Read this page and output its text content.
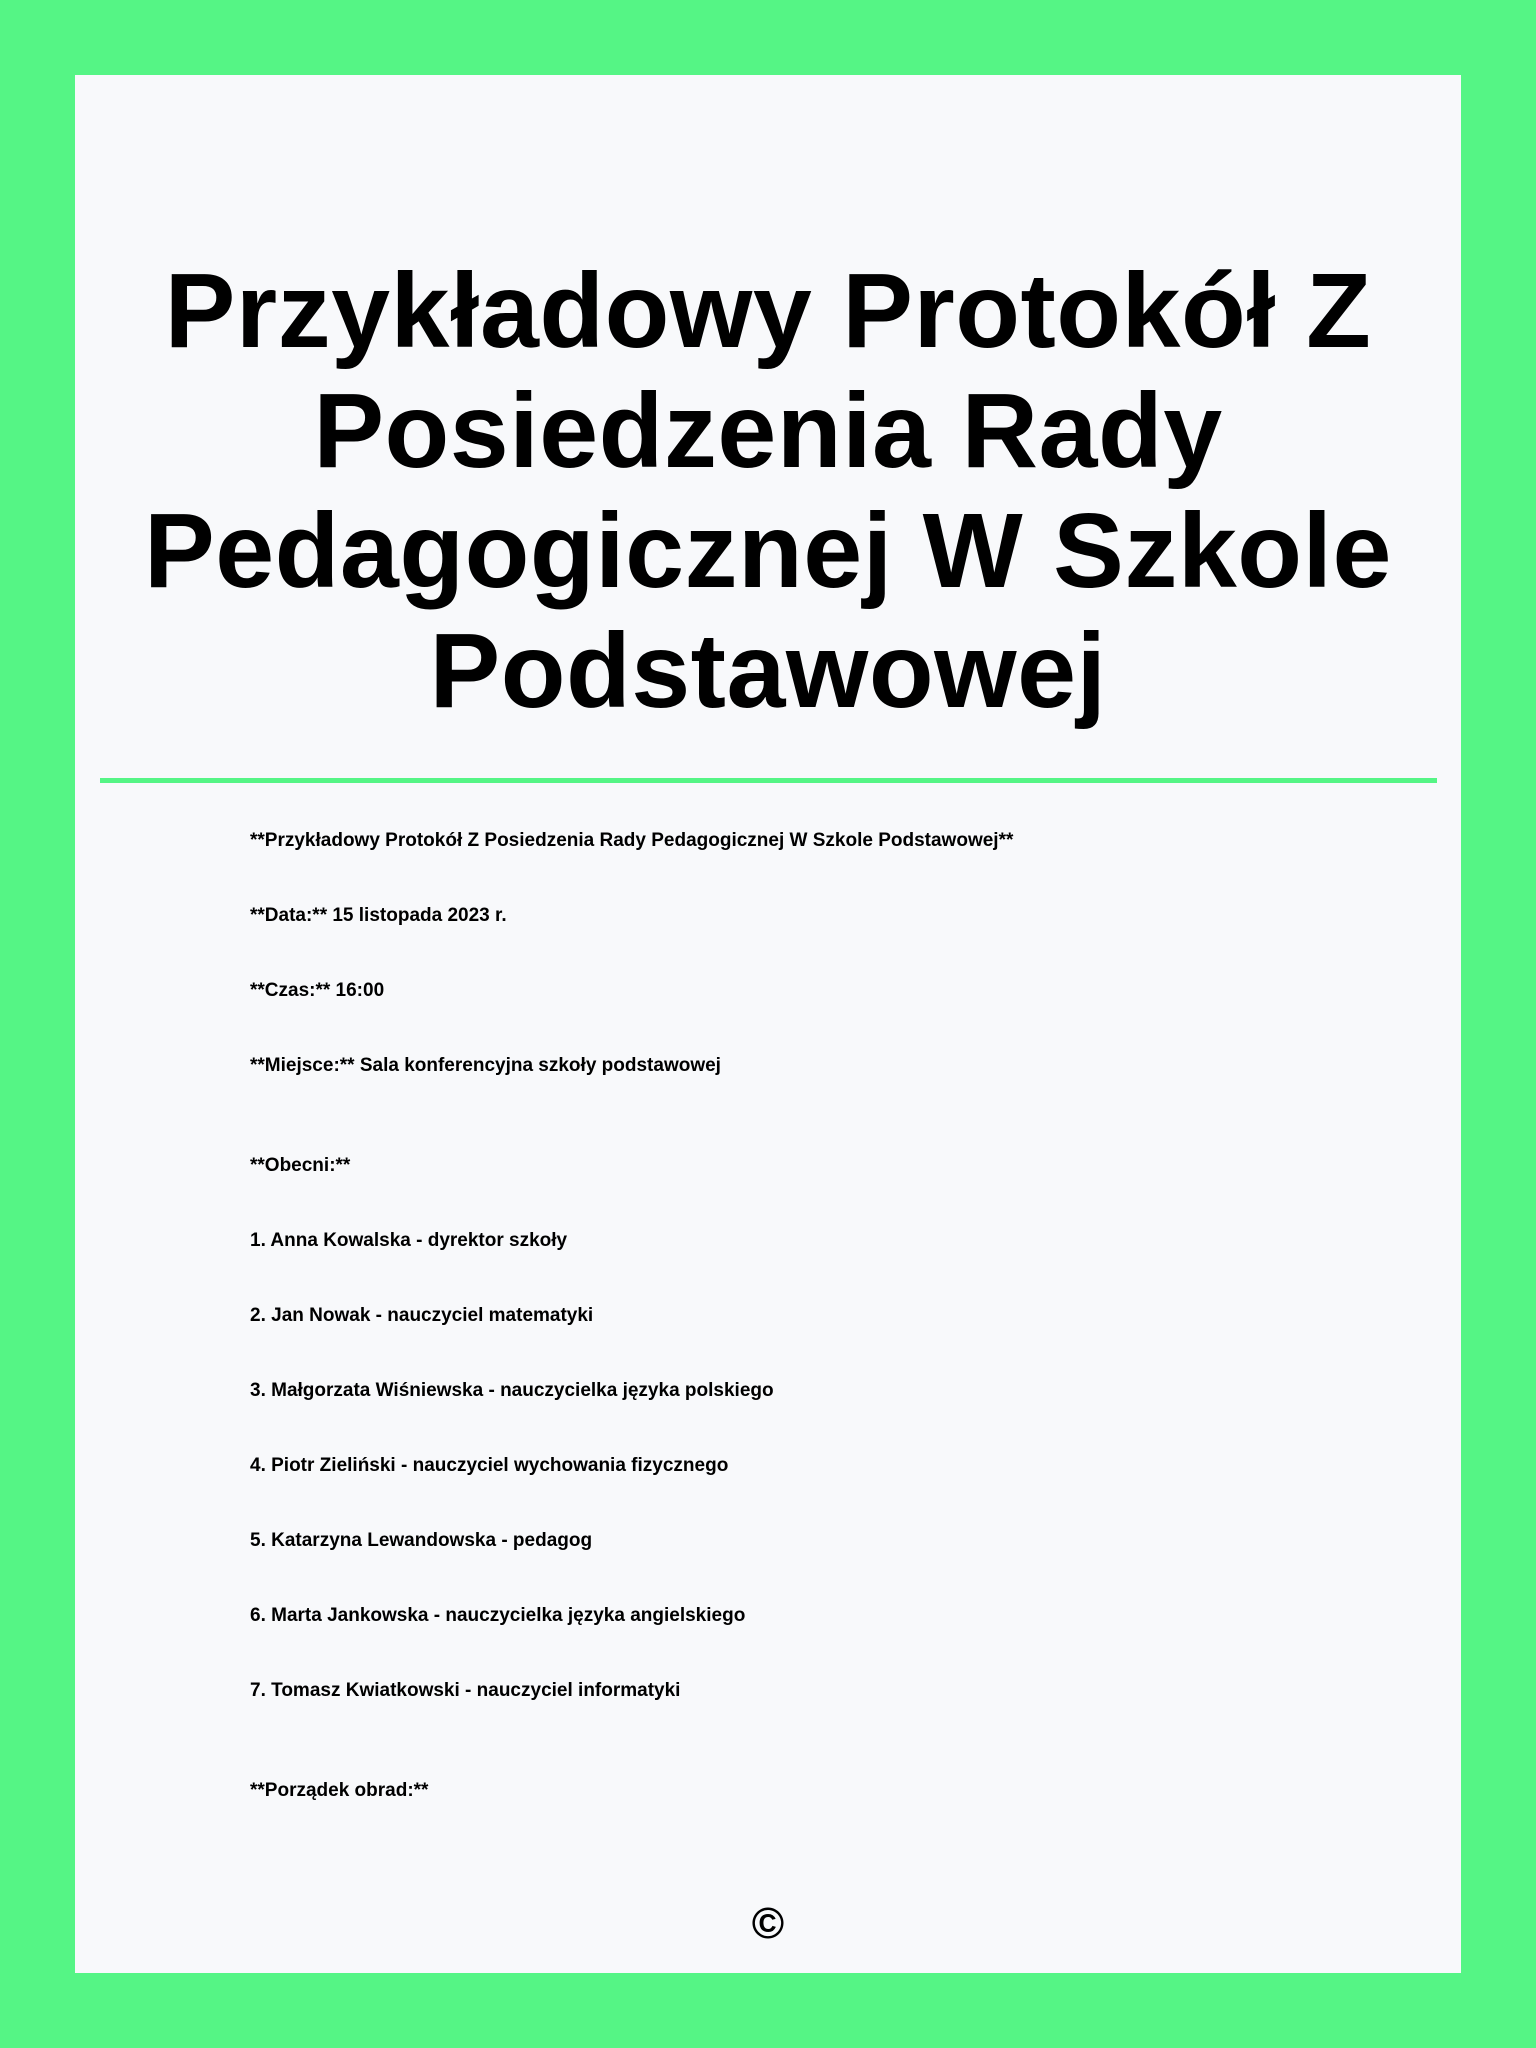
Przykładowy Protokół Z Posiedzenia Rady Pedagogicznej W Szkole Podstawowej

**Przykładowy Protokół Z Posiedzenia Rady Pedagogicznej W Szkole Podstawowej**

**Data:** 15 listopada 2023 r.

**Czas:** 16:00

**Miejsce:** Sala konferencyjna szkoły podstawowej

**Obecni:**

1. Anna Kowalska - dyrektor szkoły

2. Jan Nowak - nauczyciel matematyki

3. Małgorzata Wiśniewska - nauczycielka języka polskiego

4. Piotr Zieliński - nauczyciel wychowania fizycznego

5. Katarzyna Lewandowska - pedagog

6. Marta Jankowska - nauczycielka języka angielskiego

7. Tomasz Kwiatkowski - nauczyciel informatyki

**Porządek obrad:**

©
